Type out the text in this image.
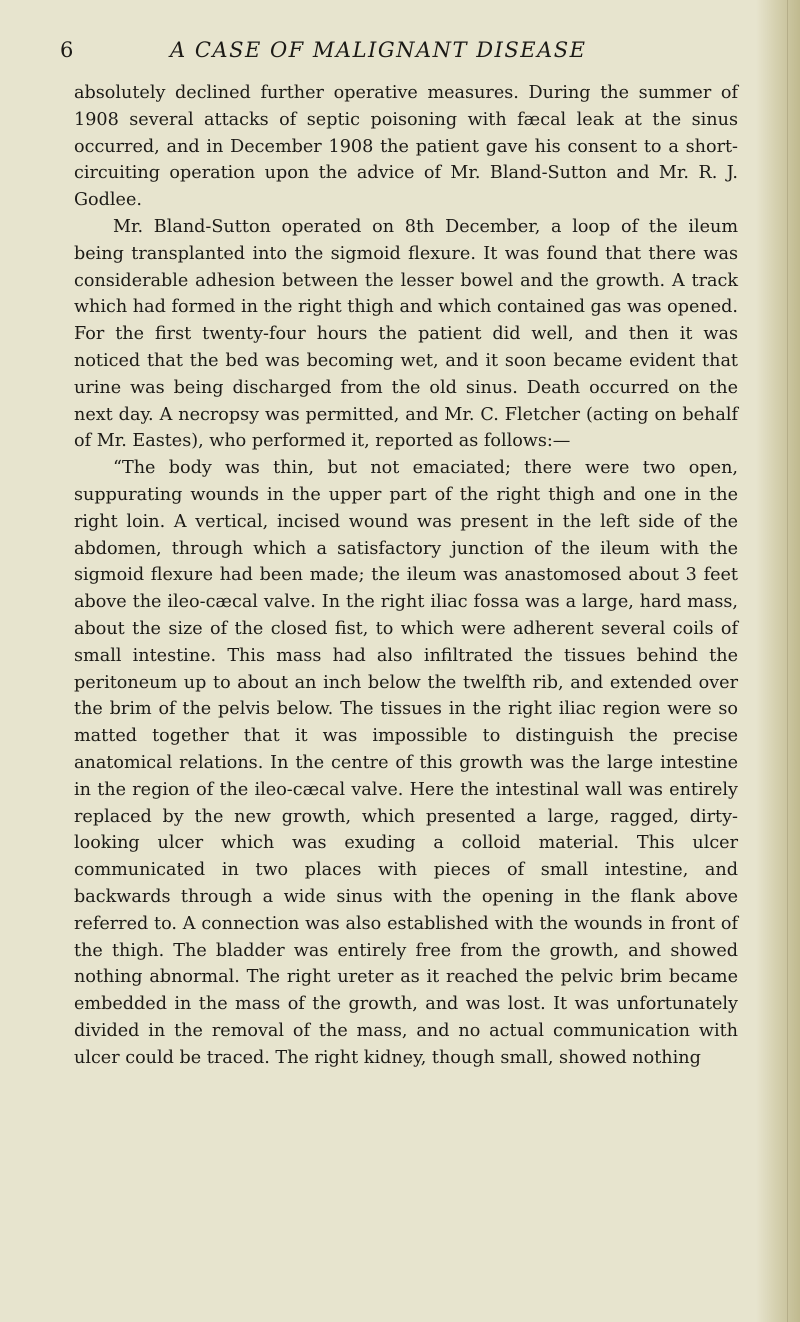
6	A CASE OF MALIGNANT DISEASE

absolutely declined further operative measures. During the summer of 1908 several attacks of septic poisoning with fæcal leak at the sinus occurred, and in December 1908 the patient gave his consent to a short-circuiting operation upon the advice of Mr. Bland-Sutton and Mr. R. J. Godlee.

Mr. Bland-Sutton operated on 8th December, a loop of the ileum being transplanted into the sigmoid flexure. It was found that there was considerable adhesion between the lesser bowel and the growth. A track which had formed in the right thigh and which contained gas was opened. For the first twenty-four hours the patient did well, and then it was noticed that the bed was becoming wet, and it soon became evident that urine was being discharged from the old sinus. Death occurred on the next day. A necropsy was permitted, and Mr. C. Fletcher (acting on behalf of Mr. Eastes), who performed it, reported as follows:—

“The body was thin, but not emaciated; there were two open, suppurating wounds in the upper part of the right thigh and one in the right loin. A vertical, incised wound was present in the left side of the abdomen, through which a satisfactory junction of the ileum with the sigmoid flexure had been made; the ileum was anastomosed about 3 feet above the ileo-cæcal valve. In the right iliac fossa was a large, hard mass, about the size of the closed fist, to which were adherent several coils of small intestine. This mass had also infiltrated the tissues behind the peritoneum up to about an inch below the twelfth rib, and extended over the brim of the pelvis below. The tissues in the right iliac region were so matted together that it was impossible to distinguish the precise anatomical relations. In the centre of this growth was the large intestine in the region of the ileo-cæcal valve. Here the intestinal wall was entirely replaced by the new growth, which presented a large, ragged, dirty-looking ulcer which was exuding a colloid material. This ulcer communicated in two places with pieces of small intestine, and backwards through a wide sinus with the opening in the flank above referred to. A connection was also established with the wounds in front of the thigh. The bladder was entirely free from the growth, and showed nothing abnormal. The right ureter as it reached the pelvic brim became embedded in the mass of the growth, and was lost. It was unfortunately divided in the removal of the mass, and no actual communication with ulcer could be traced. The right kidney, though small, showed nothing
